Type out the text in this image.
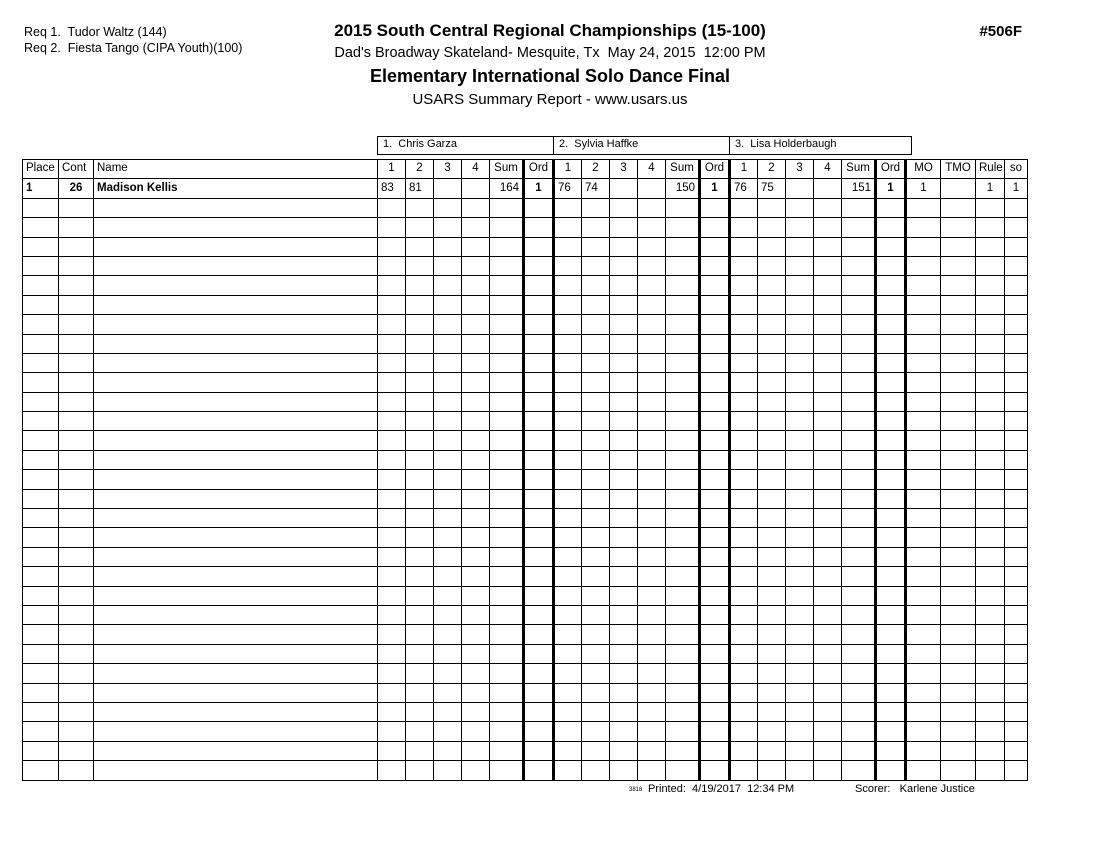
Req 1.  Tudor Waltz (144)
Req 2.  Fiesta Tango (CIPA Youth)(100)
2015 South Central Regional Championships (15-100)
Dad's Broadway Skateland- Mesquite, Tx  May 24, 2015  12:00 PM
Elementary International Solo Dance Final
USARS Summary Report - www.usars.us
#506F
1.  Chris Garza	2.  Sylvia Haffke	3.  Lisa Holderbaugh
Place	Cont	Name	1	2	3	4	Sum	Ord	1	2	3	4	Sum	Ord	1	2	3	4	Sum	Ord	MO	TMO	Rule	so
1	26	Madison Kellis	83	81			164	1	76	74			150	1	76	75			151	1	1		1	1

3818 Printed:  4/19/2017  12:34 PM	Scorer:   Karlene Justice
